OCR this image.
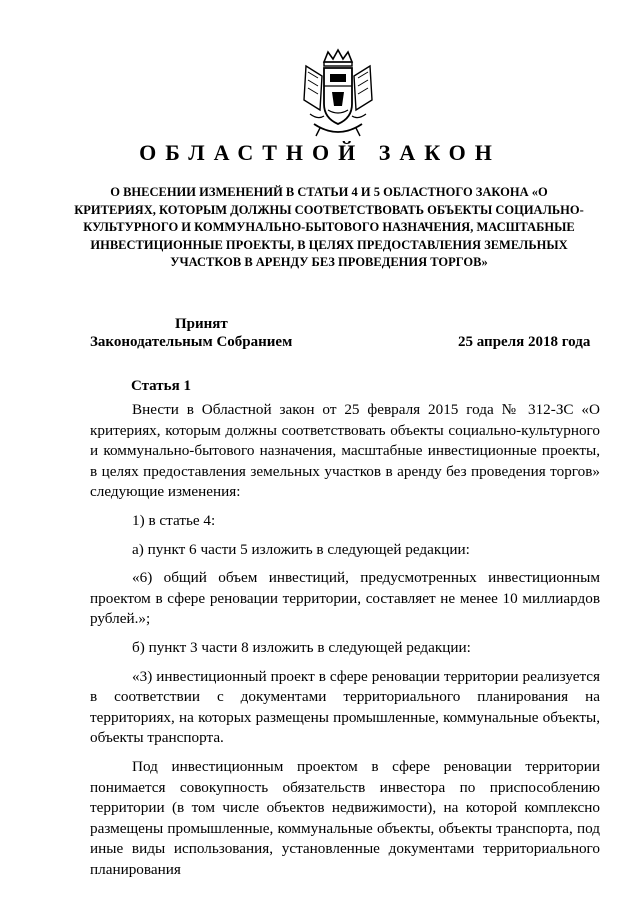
ОБЛАСТНОЙ ЗАКОН
О ВНЕСЕНИИ ИЗМЕНЕНИЙ В СТАТЬИ 4 И 5 ОБЛАСТНОГО ЗАКОНА «О КРИТЕРИЯХ, КОТОРЫМ ДОЛЖНЫ СООТВЕТСТВОВАТЬ ОБЪЕКТЫ СОЦИАЛЬНО-КУЛЬТУРНОГО И КОММУНАЛЬНО-БЫТОВОГО НАЗНАЧЕНИЯ, МАСШТАБНЫЕ ИНВЕСТИЦИОННЫЕ ПРОЕКТЫ, В ЦЕЛЯХ ПРЕДОСТАВЛЕНИЯ ЗЕМЕЛЬНЫХ УЧАСТКОВ В АРЕНДУ БЕЗ ПРОВЕДЕНИЯ ТОРГОВ»
Принят
Законодательным Собранием	25 апреля 2018 года
Статья 1

Внести в Областной закон от 25 февраля 2015 года № 312-ЗС «О критериях, которым должны соответствовать объекты социально-культурного и коммунально-бытового назначения, масштабные инвестиционные проекты, в целях предоставления земельных участков в аренду без проведения торгов» следующие изменения:

1) в статье 4:

а) пункт 6 части 5 изложить в следующей редакции:

«6) общий объем инвестиций, предусмотренных инвестиционным проектом в сфере реновации территории, составляет не менее 10 миллиардов рублей.»;

б) пункт 3 части 8 изложить в следующей редакции:

«3) инвестиционный проект в сфере реновации территории реализуется в соответствии с документами территориального планирования на территориях, на которых размещены промышленные, коммунальные объекты, объекты транспорта.

Под инвестиционным проектом в сфере реновации территории понимается совокупность обязательств инвестора по приспособлению территории (в том числе объектов недвижимости), на которой комплексно размещены промышленные, коммунальные объекты, объекты транспорта, под иные виды использования, установленные документами территориального планирования
